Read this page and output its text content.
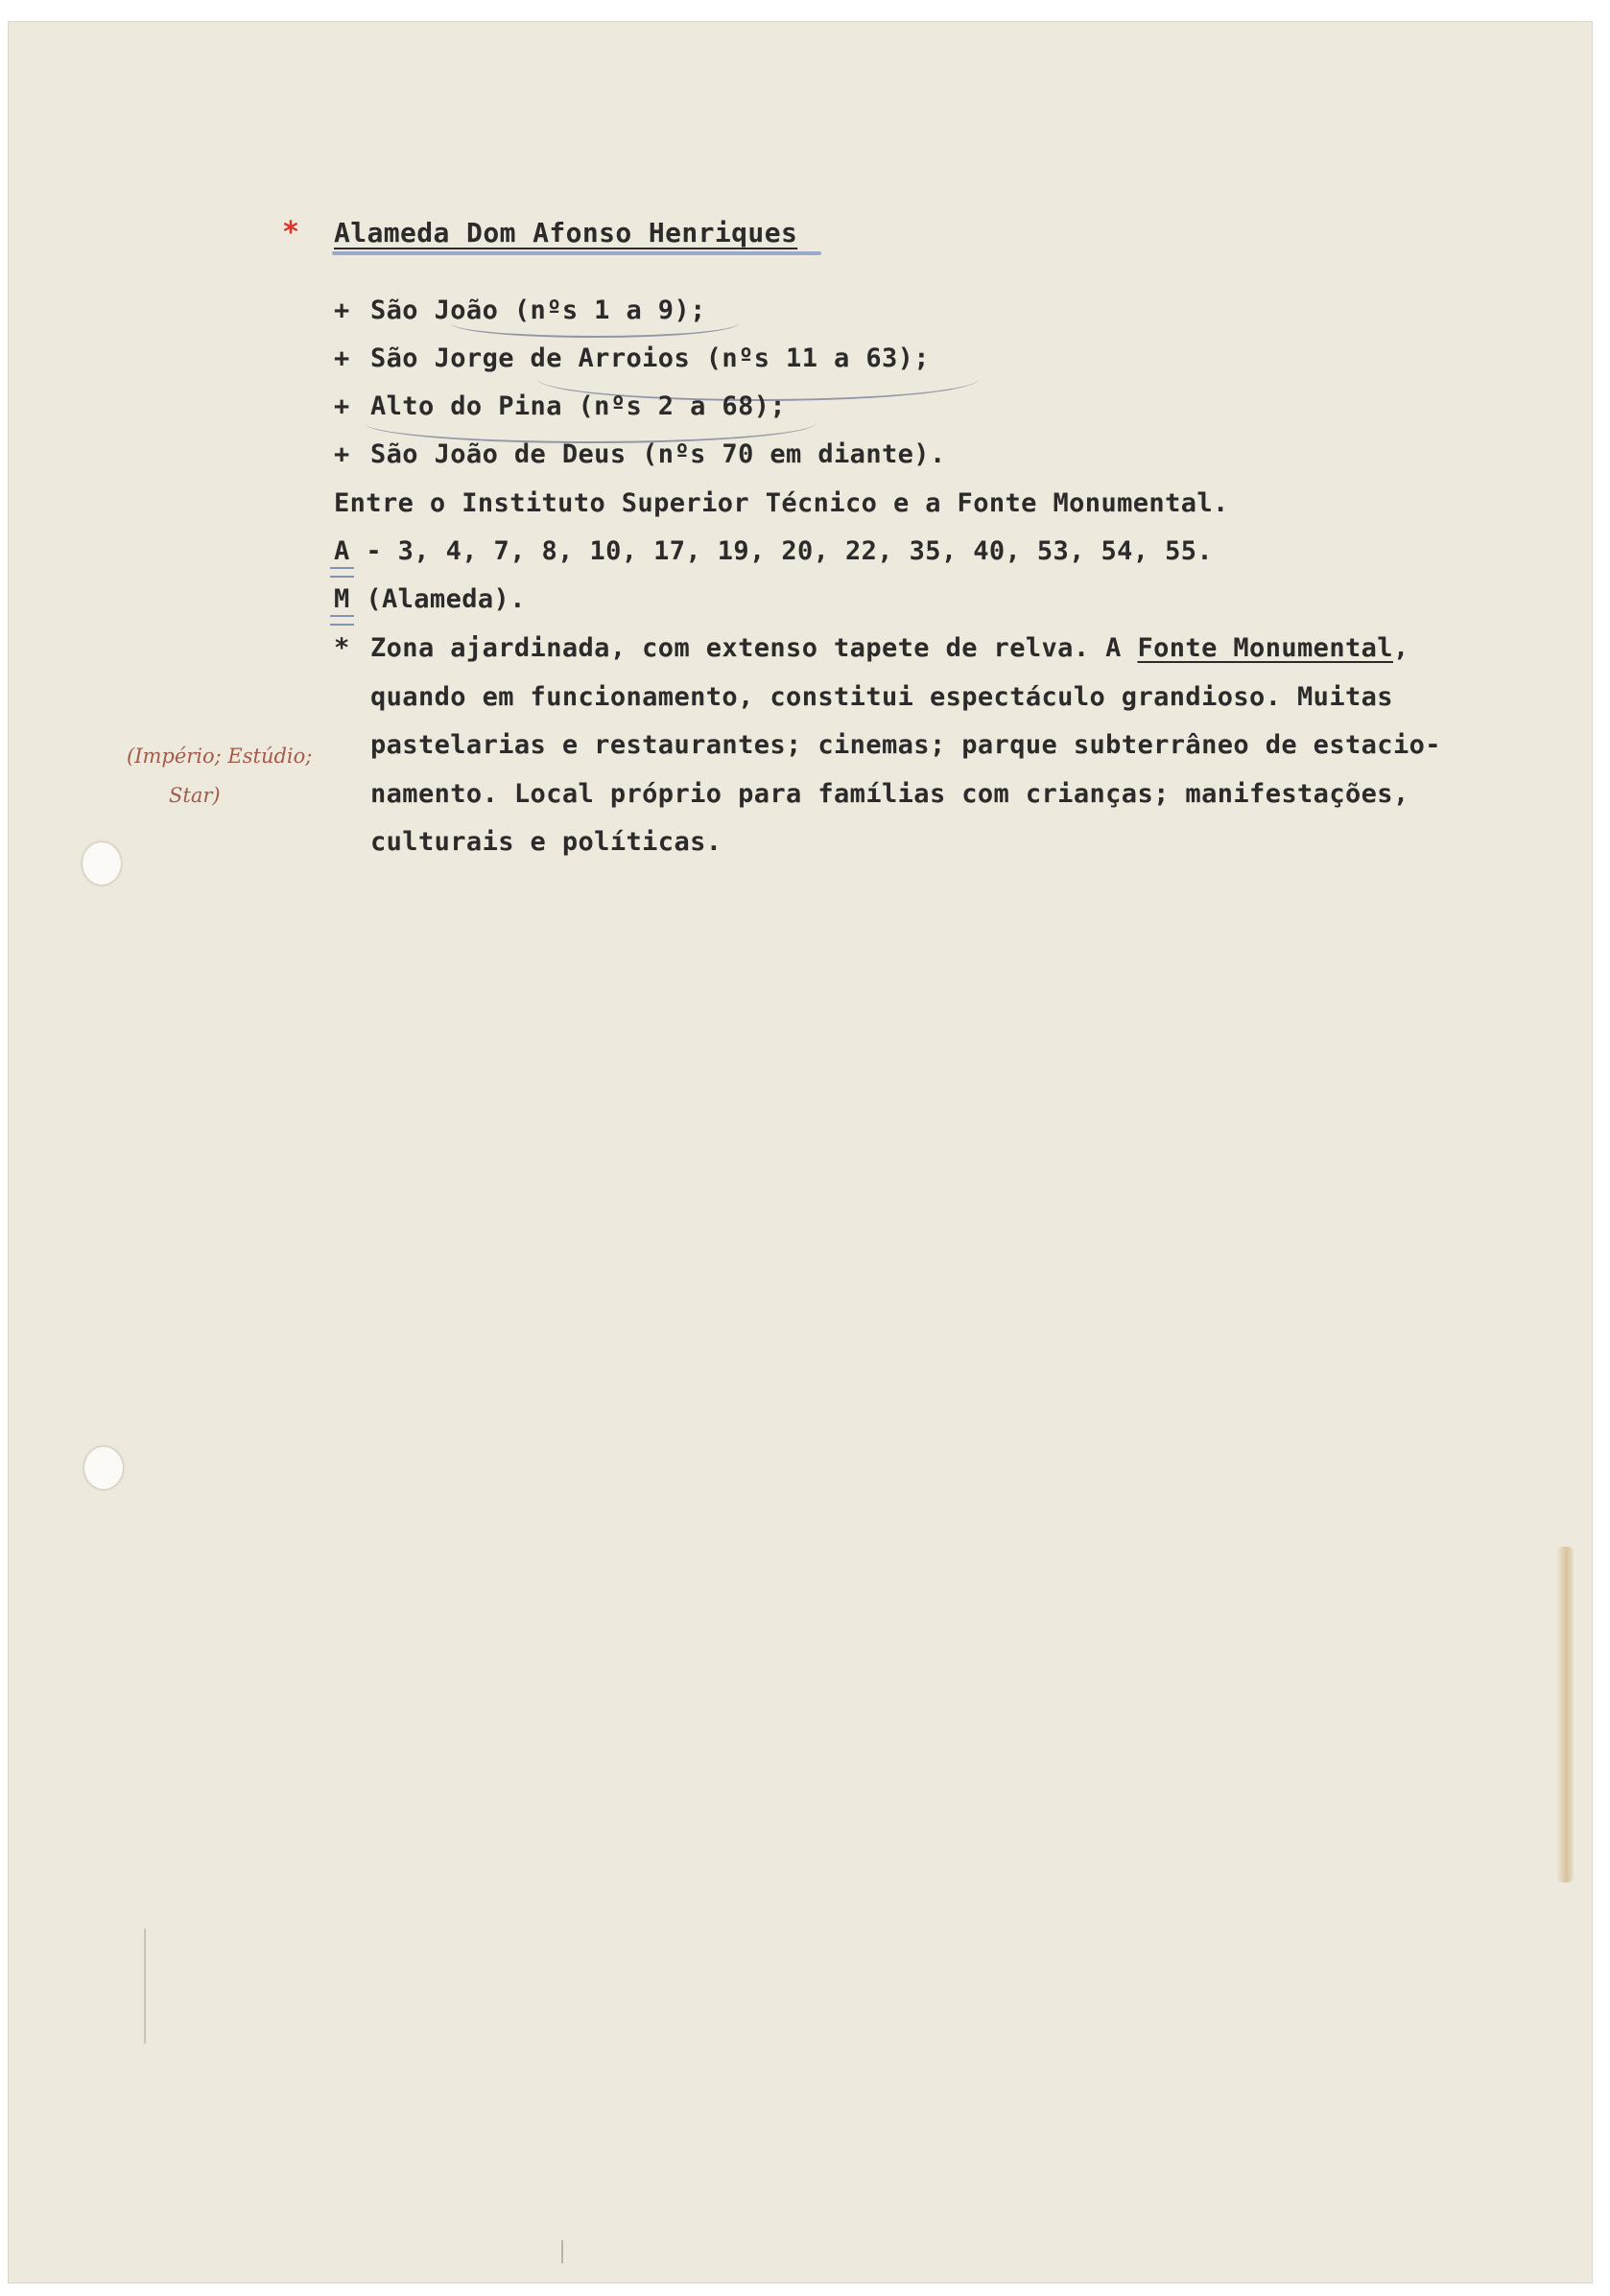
* Alameda Dom Afonso Henriques
+ São João (nºs 1 a 9);
+ São Jorge de Arroios (nºs 11 a 63);
+ Alto do Pina (nºs 2 a 68);
+ São João de Deus (nºs 70 em diante).
Entre o Instituto Superior Técnico e a Fonte Monumental.
A - 3, 4, 7, 8, 10, 17, 19, 20, 22, 35, 40, 53, 54, 55.
M (Alameda).
* Zona ajardinada, com extenso tapete de relva. A Fonte Monumental,
quando em funcionamento, constitui espectáculo grandioso. Muitas
pastelarias e restaurantes; cinemas; parque subterrâneo de estacio-
namento. Local próprio para famílias com crianças; manifestações,
culturais e políticas.
(Império; Estúdio;
Star)
